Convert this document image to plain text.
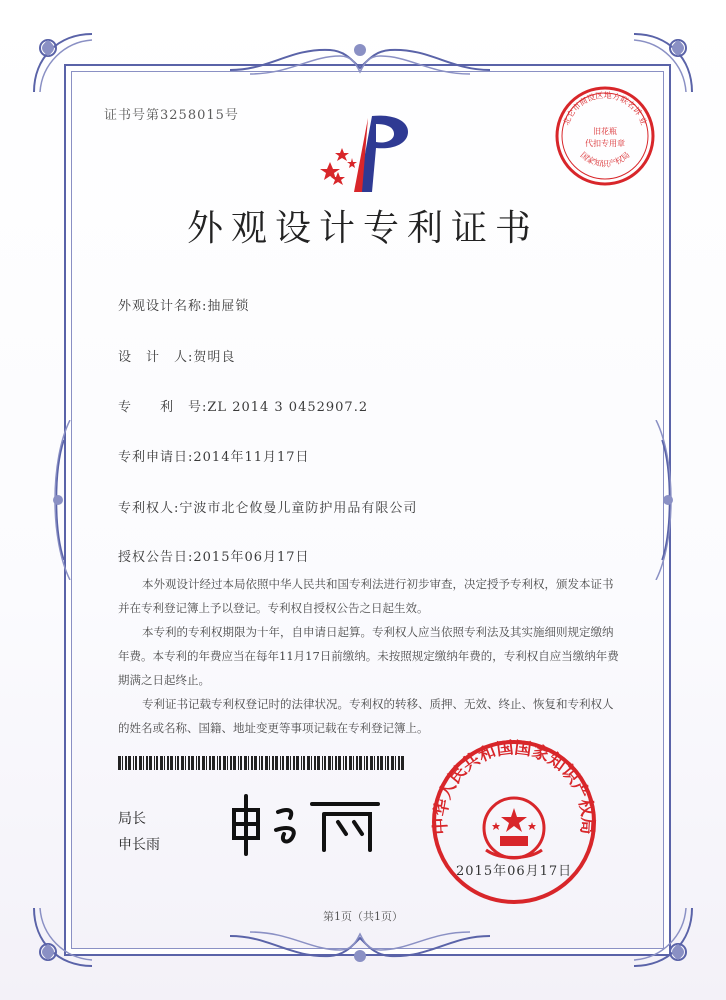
证书号第3258015号	北仑市商设区地方联名诉 业
旧花瓶
代扣专用章
国家知识产权局
外观设计专利证书
外观设计名称:抽屉锁
设　计　人:贺明良
专　　利　号:ZL 2014 3 0452907.2
专利申请日:2014年11月17日
专利权人:宁波市北仑攸曼儿童防护用品有限公司
授权公告日:2015年06月17日

本外观设计经过本局依照中华人民共和国专利法进行初步审查，决定授予专利权，颁发本证书并在专利登记簿上予以登记。专利权自授权公告之日起生效。

本专利的专利权期限为十年，自申请日起算。专利权人应当依照专利法及其实施细则规定缴纳年费。本专利的年费应当在每年11月17日前缴纳。未按照规定缴纳年费的，专利权自应当缴纳年费期满之日起终止。

专利证书记载专利权登记时的法律状况。专利权的转移、质押、无效、终止、恢复和专利权人的姓名或名称、国籍、地址变更等事项记载在专利登记簿上。

局长
申长雨
中华人民共和国国家知识产权局
2015年06月17日
第1页（共1页）
